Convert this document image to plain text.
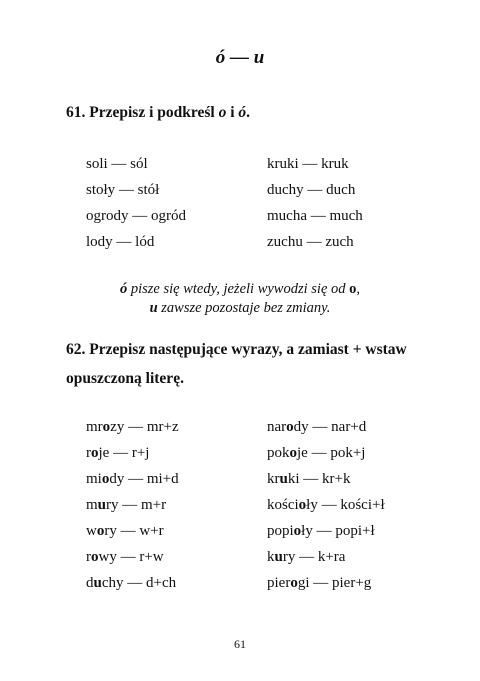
ó — u
61. Przepisz i podkreśl o i ó.
soli — sól
stoły — stół
ogrody — ogród
lody — lód
kruki — kruk
duchy — duch
mucha — much
zuchu — zuch
ó pisze się wtedy, jeżeli wywodzi się od o,
u zawsze pozostaje bez zmiany.
62. Przepisz następujące wyrazy, a zamiast + wstaw
opuszczoną literę.
mrozy — mr+z
roje — r+j
miody — mi+d
mury — m+r
wory — w+r
rowy — r+w
duchy — d+ch
narody — nar+d
pokoje — pok+j
kruki — kr+k
kościoły — kości+ł
popioły — popi+ł
kury — k+ra
pierogi — pier+g
61
